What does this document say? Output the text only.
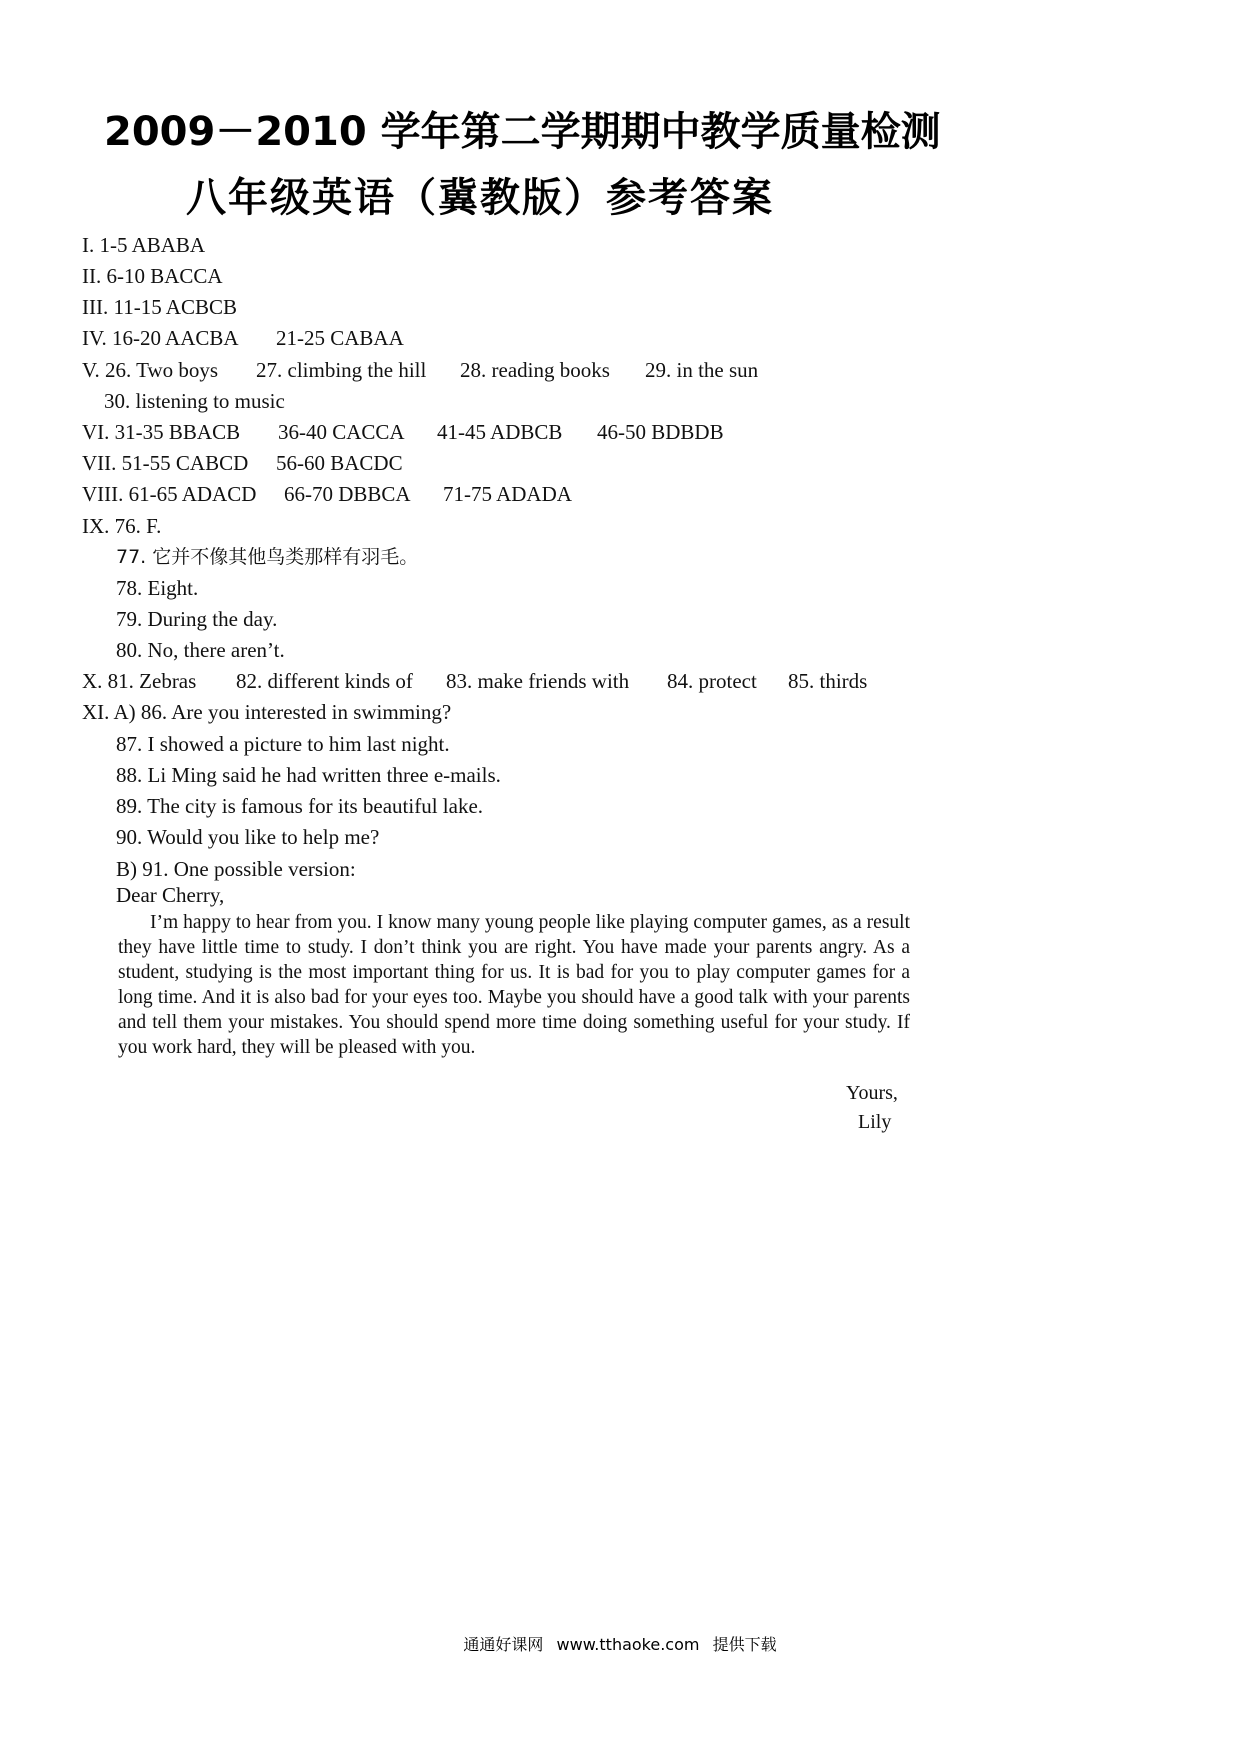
2009－2010 学年第二学期期中教学质量检测
八年级英语（冀教版）参考答案
I. 1-5 ABABA
II. 6-10 BACCA
III. 11-15 ACBCB
IV. 16-20 AACBA 21-25 CABAA
V. 26. Two boys 27. climbing the hill 28. reading books 29. in the sun
30. listening to music
VI. 31-35 BBACB 36-40 CACCA 41-45 ADBCB 46-50 BDBDB
VII. 51-55 CABCD 56-60 BACDC
VIII. 61-65 ADACD 66-70 DBBCA 71-75 ADADA
IX. 76. F.
77. 它并不像其他鸟类那样有羽毛。
78. Eight.
79. During the day.
80. No, there aren’t.
X. 81. Zebras 82. different kinds of 83. make friends with 84. protect 85. thirds
XI. A) 86. Are you interested in swimming?
87. I showed a picture to him last night.
88. Li Ming said he had written three e-mails.
89. The city is famous for its beautiful lake.
90. Would you like to help me?
B) 91. One possible version:
Dear Cherry,

I’m happy to hear from you. I know many young people like playing computer games, as a result they have little time to study. I don’t think you are right. You have made your parents angry. As a student, studying is the most important thing for us. It is bad for you to play computer games for a long time. And it is also bad for your eyes too. Maybe you should have a good talk with your parents and tell them your mistakes. You should spend more time doing something useful for your study. If you work hard, they will be pleased with you.

Yours,
Lily
通通好课网 www.tthaoke.com 提供下载
